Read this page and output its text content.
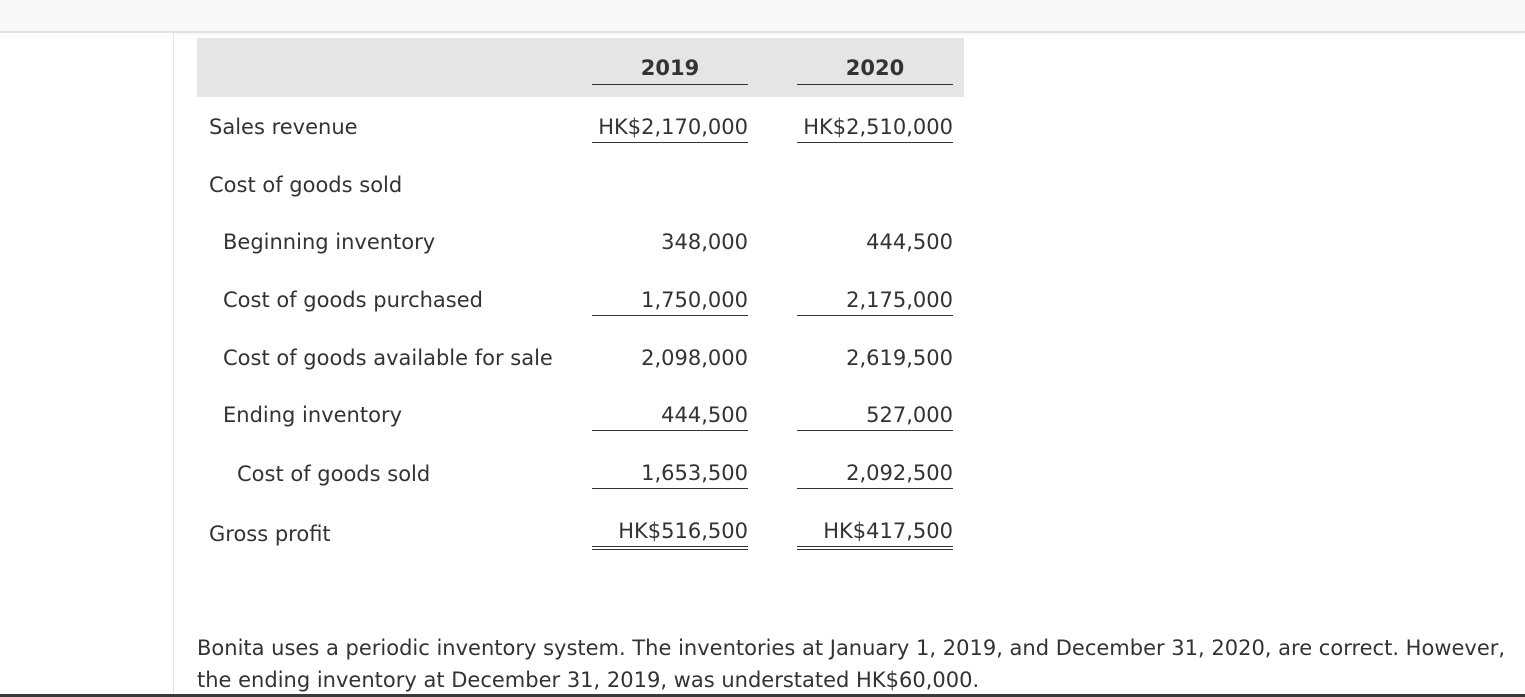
2019	2020
Sales revenue	HK$2,170,000	HK$2,510,000
Cost of goods sold
Beginning inventory	348,000	444,500
Cost of goods purchased	1,750,000	2,175,000
Cost of goods available for sale	2,098,000	2,619,500
Ending inventory	444,500	527,000
Cost of goods sold	1,653,500	2,092,500
Gross profit	HK$516,500	HK$417,500
Bonita uses a periodic inventory system. The inventories at January 1, 2019, and December 31, 2020, are correct. However, the ending inventory at December 31, 2019, was understated HK$60,000.
